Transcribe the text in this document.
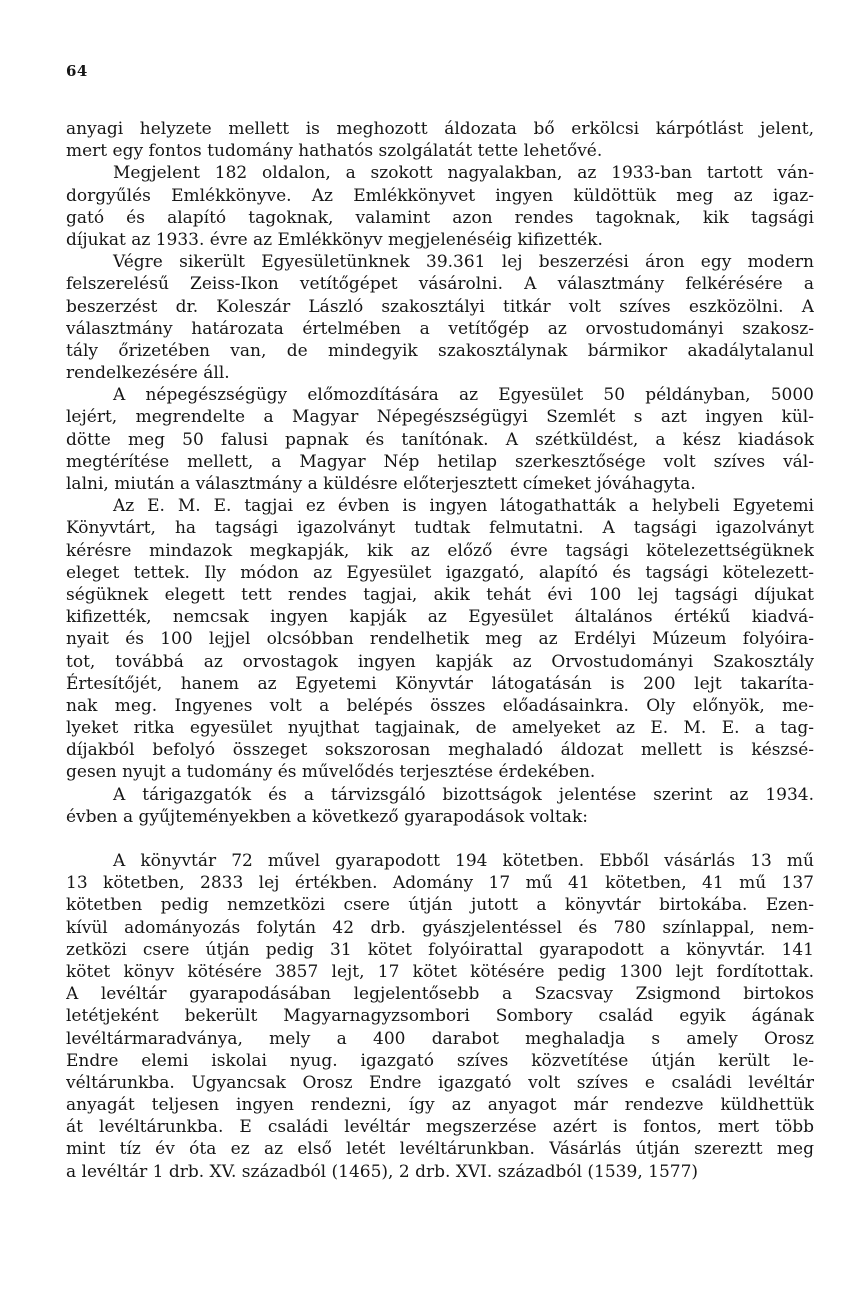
64
anyagi helyzete mellett is meghozott áldozata bő erkölcsi kárpótlást jelent,
mert egy fontos tudomány hathatós szolgálatát tette lehetővé.
Megjelent 182 oldalon, a szokott nagyalakban, az 1933-ban tartott ván-
dorgyűlés Emlékkönyve. Az Emlékkönyvet ingyen küldöttük meg az igaz-
gató és alapító tagoknak, valamint azon rendes tagoknak, kik tagsági
díjukat az 1933. évre az Emlékkönyv megjelenéséig kifizették.
Végre sikerült Egyesületünknek 39.361 lej beszerzési áron egy modern
felszerelésű Zeiss-Ikon vetítőgépet vásárolni. A választmány felkérésére a
beszerzést dr. Koleszár László szakosztályi titkár volt szíves eszközölni. A
választmány határozata értelmében a vetítőgép az orvostudományi szakosz-
tály őrizetében van, de mindegyik szakosztálynak bármikor akadálytalanul
rendelkezésére áll.
A népegészségügy előmozdítására az Egyesület 50 példányban, 5000
lejért, megrendelte a Magyar Népegészségügyi Szemlét s azt ingyen kül-
dötte meg 50 falusi papnak és tanítónak. A szétküldést, a kész kiadások
megtérítése mellett, a Magyar Nép hetilap szerkesztősége volt szíves vál-
lalni, miután a választmány a küldésre előterjesztett címeket jóváhagyta.
Az E. M. E. tagjai ez évben is ingyen látogathatták a helybeli Egyetemi
Könyvtárt, ha tagsági igazolványt tudtak felmutatni. A tagsági igazolványt
kérésre mindazok megkapják, kik az előző évre tagsági kötelezettségüknek
eleget tettek. Ily módon az Egyesület igazgató, alapító és tagsági kötelezett-
ségüknek elegett tett rendes tagjai, akik tehát évi 100 lej tagsági díjukat
kifizették, nemcsak ingyen kapják az Egyesület általános értékű kiadvá-
nyait és 100 lejjel olcsóbban rendelhetik meg az Erdélyi Múzeum folyóira-
tot, továbbá az orvostagok ingyen kapják az Orvostudományi Szakosztály
Értesítőjét, hanem az Egyetemi Könyvtár látogatásán is 200 lejt takaríta-
nak meg. Ingyenes volt a belépés összes előadásainkra. Oly előnyök, me-
lyeket ritka egyesület nyujthat tagjainak, de amelyeket az E. M. E. a tag-
díjakból befolyó összeget sokszorosan meghaladó áldozat mellett is készsé-
gesen nyujt a tudomány és művelődés terjesztése érdekében.
A tárigazgatók és a tárvizsgáló bizottságok jelentése szerint az 1934.
évben a gyűjteményekben a következő gyarapodások voltak:
A könyvtár 72 művel gyarapodott 194 kötetben. Ebből vásárlás 13 mű
13 kötetben, 2833 lej értékben. Adomány 17 mű 41 kötetben, 41 mű 137
kötetben pedig nemzetközi csere útján jutott a könyvtár birtokába. Ezen-
kívül adományozás folytán 42 drb. gyászjelentéssel és 780 színlappal, nem-
zetközi csere útján pedig 31 kötet folyóirattal gyarapodott a könyvtár. 141
kötet könyv kötésére 3857 lejt, 17 kötet kötésére pedig 1300 lejt fordítottak.
A levéltár gyarapodásában legjelentősebb a Szacsvay Zsigmond birtokos
letétjeként bekerült Magyarnagyzsombori Sombory család egyik ágának
levéltármaradványa, mely a 400 darabot meghaladja s amely Orosz
Endre elemi iskolai nyug. igazgató szíves közvetítése útján került le-
véltárunkba. Ugyancsak Orosz Endre igazgató volt szíves e családi levéltár
anyagát teljesen ingyen rendezni, így az anyagot már rendezve küldhettük
át levéltárunkba. E családi levéltár megszerzése azért is fontos, mert több
mint tíz év óta ez az első letét levéltárunkban. Vásárlás útján szereztt meg
a levéltár 1 drb. XV. századból (1465), 2 drb. XVI. századból (1539, 1577)
